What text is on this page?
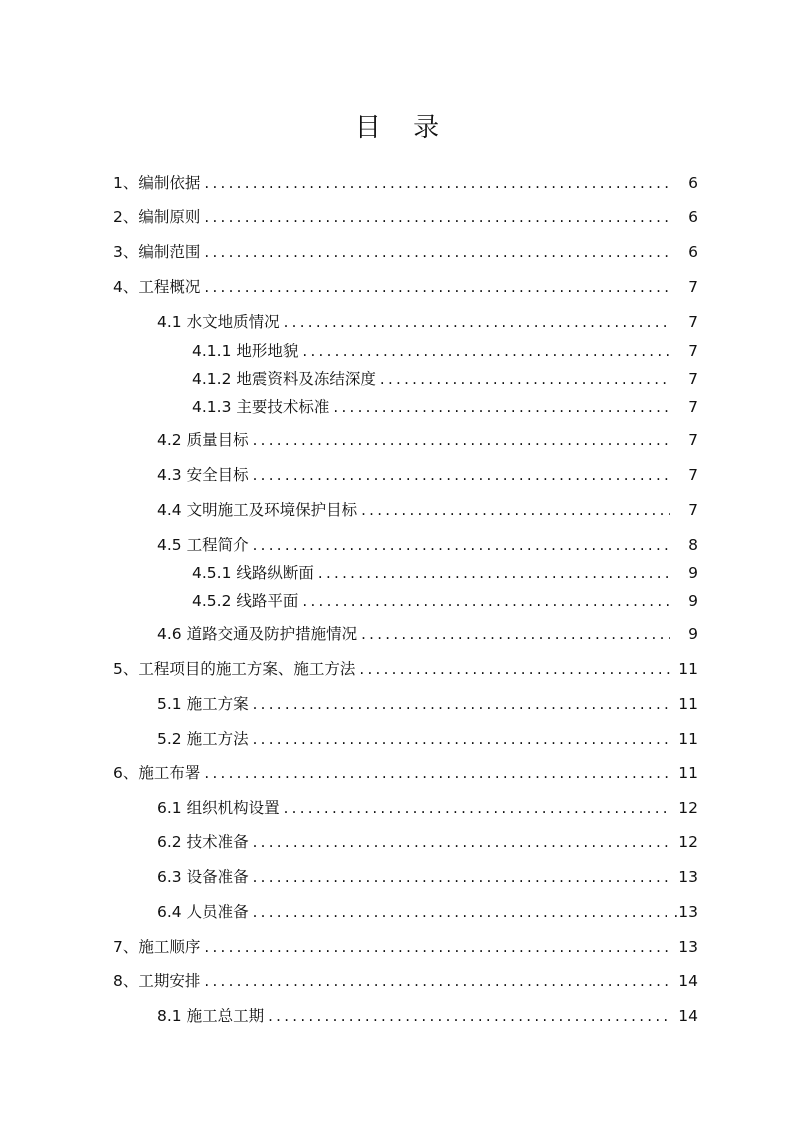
目 录
1、编制依据 .....	6
2、编制原则 .....	6
3、编制范围 .....	6
4、工程概况 .....	7
4.1 水文地质情况 .....	7
4.1.1 地形地貌 .....	7
4.1.2 地震资料及冻结深度 .....	7
4.1.3 主要技术标准 .....	7
4.2 质量目标 .....	7
4.3 安全目标 .....	7
4.4 文明施工及环境保护目标 .....	7
4.5 工程简介 .....	8
4.5.1 线路纵断面 .....	9
4.5.2 线路平面 .....	9
4.6 道路交通及防护措施情况 .....	9
5、工程项目的施工方案、施工方法 .....	11
5.1 施工方案 .....	11
5.2 施工方法 .....	11
6、施工布署 .....	11
6.1 组织机构设置 .....	12
6.2 技术准备 .....	12
6.3 设备准备 .....	13
6.4 人员准备 .....	.13
7、施工顺序 .....	13
8、工期安排 .....	14
8.1 施工总工期 .....	14
